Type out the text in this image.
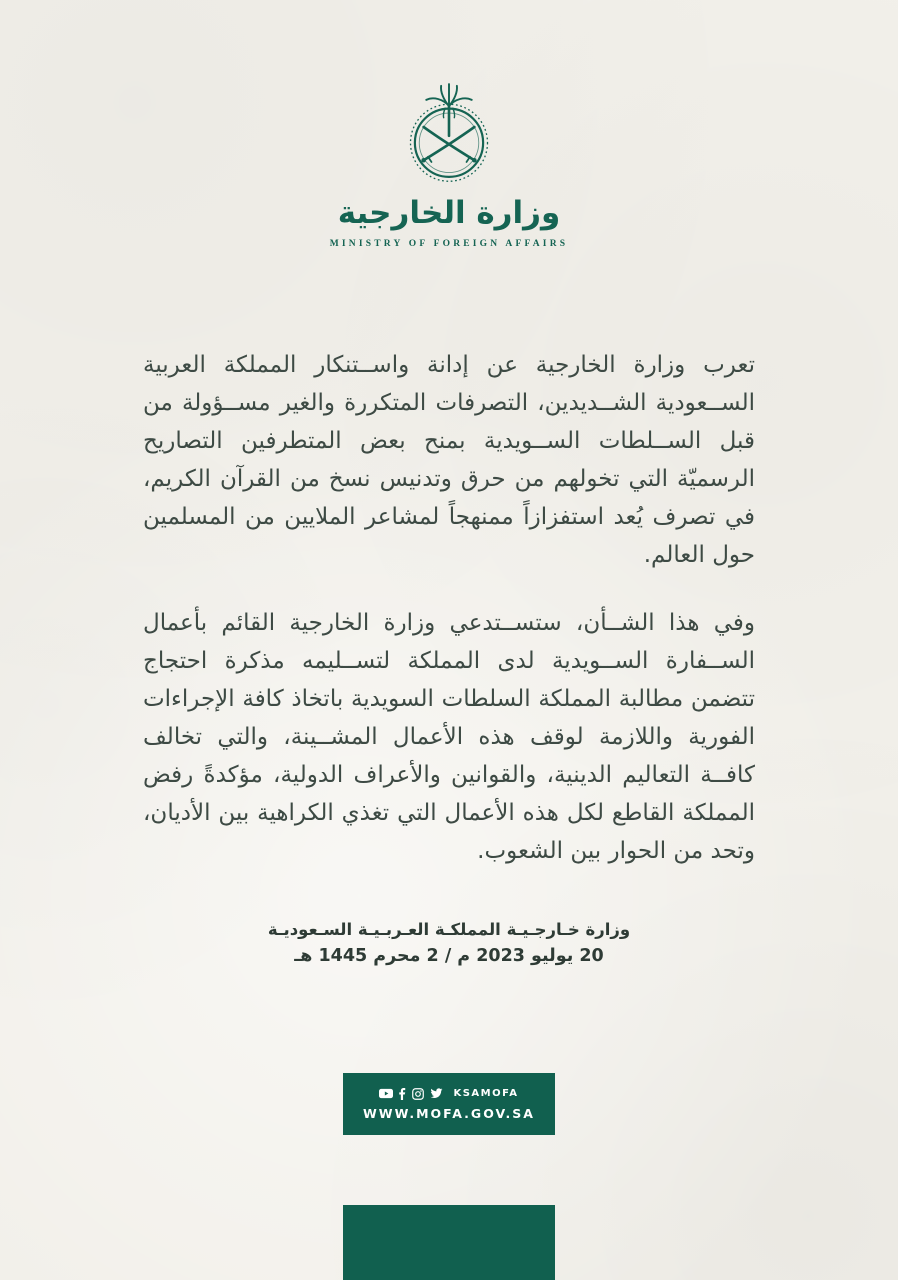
وزارة الخارجية
MINISTRY OF FOREIGN AFFAIRS

تعرب وزارة الخارجية عن إدانة واســتنكار المملكة العربية الســعودية الشــديدين، التصرفات المتكررة والغير مســؤولة من قبل الســلطات الســويدية بمنح بعض المتطرفين التصاريح الرسميّة التي تخولهم من حرق وتدنيس نسخ من القرآن الكريم، في تصرف يُعد استفزازاً ممنهجاً لمشاعر الملايين من المسلمين حول العالم.

وفي هذا الشــأن، ستســتدعي وزارة الخارجية القائم بأعمال الســفارة الســويدية لدى المملكة لتســليمه مذكرة احتجاج تتضمن مطالبة المملكة السلطات السويدية باتخاذ كافة الإجراءات الفورية واللازمة لوقف هذه الأعمال المشــينة، والتي تخالف كافــة التعاليم الدينية، والقوانين والأعراف الدولية، مؤكدةً رفض المملكة القاطع لكل هذه الأعمال التي تغذي الكراهية بين الأديان، وتحد من الحوار بين الشعوب.

وزارة خـارجـيـة المملكـة العـربـيـة السـعوديـة
20 يوليو 2023 م / 2 محرم 1445 هـ
KSAMOFA
WWW.MOFA.GOV.SA
